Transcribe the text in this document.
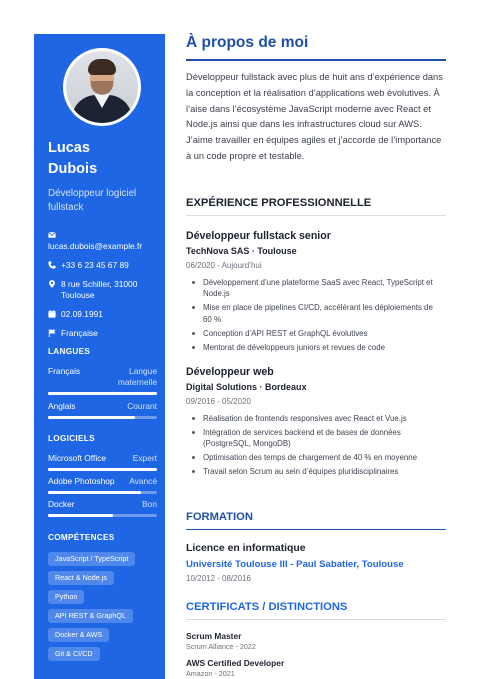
Lucas
Dubois
Développeur logiciel fullstack
lucas.dubois@example.fr
+33 6 23 45 67 89
8 rue Schiller, 31000 Toulouse
02.09.1991
Française
LANGUES
Français	Langue maternelle
Anglais	Courant
LOGICIELS
Microsoft Office	Expert
Adobe Photoshop Avancé
Docker	Bon
COMPÉTENCES
JavaScript / TypeScript
React & Node.js
Python
API REST & GraphQL
Docker & AWS
Git & CI/CD
À propos de moi

Développeur fullstack avec plus de huit ans d’expérience dans la conception et la réalisation d’applications web évolutives. À l’aise dans l’écosystème JavaScript moderne avec React et Node.js ainsi que dans les infrastructures cloud sur AWS. J’aime travailler en équipes agiles et j’accorde de l’importance à un code propre et testable.

EXPÉRIENCE PROFESSIONNELLE
Développeur fullstack senior
TechNova SAS · Toulouse
06/2020 - Aujourd’hui
Développement d’une plateforme SaaS avec React, TypeScript et Node.js
Mise en place de pipelines CI/CD, accélérant les déploiements de 60 %
Conception d’API REST et GraphQL évolutives
Mentorat de développeurs juniors et revues de code
Développeur web
Digital Solutions · Bordeaux
09/2016 - 05/2020
Réalisation de frontends responsives avec React et Vue.js
Intégration de services backend et de bases de données (PostgreSQL, MongoDB)
Optimisation des temps de chargement de 40 % en moyenne
Travail selon Scrum au sein d’équipes pluridisciplinaires
FORMATION
Licence en informatique
Université Toulouse III - Paul Sabatier, Toulouse
10/2012 - 08/2016
CERTIFICATS / DISTINCTIONS
Scrum Master
Scrum Alliance - 2022
AWS Certified Developer
Amazon - 2021
